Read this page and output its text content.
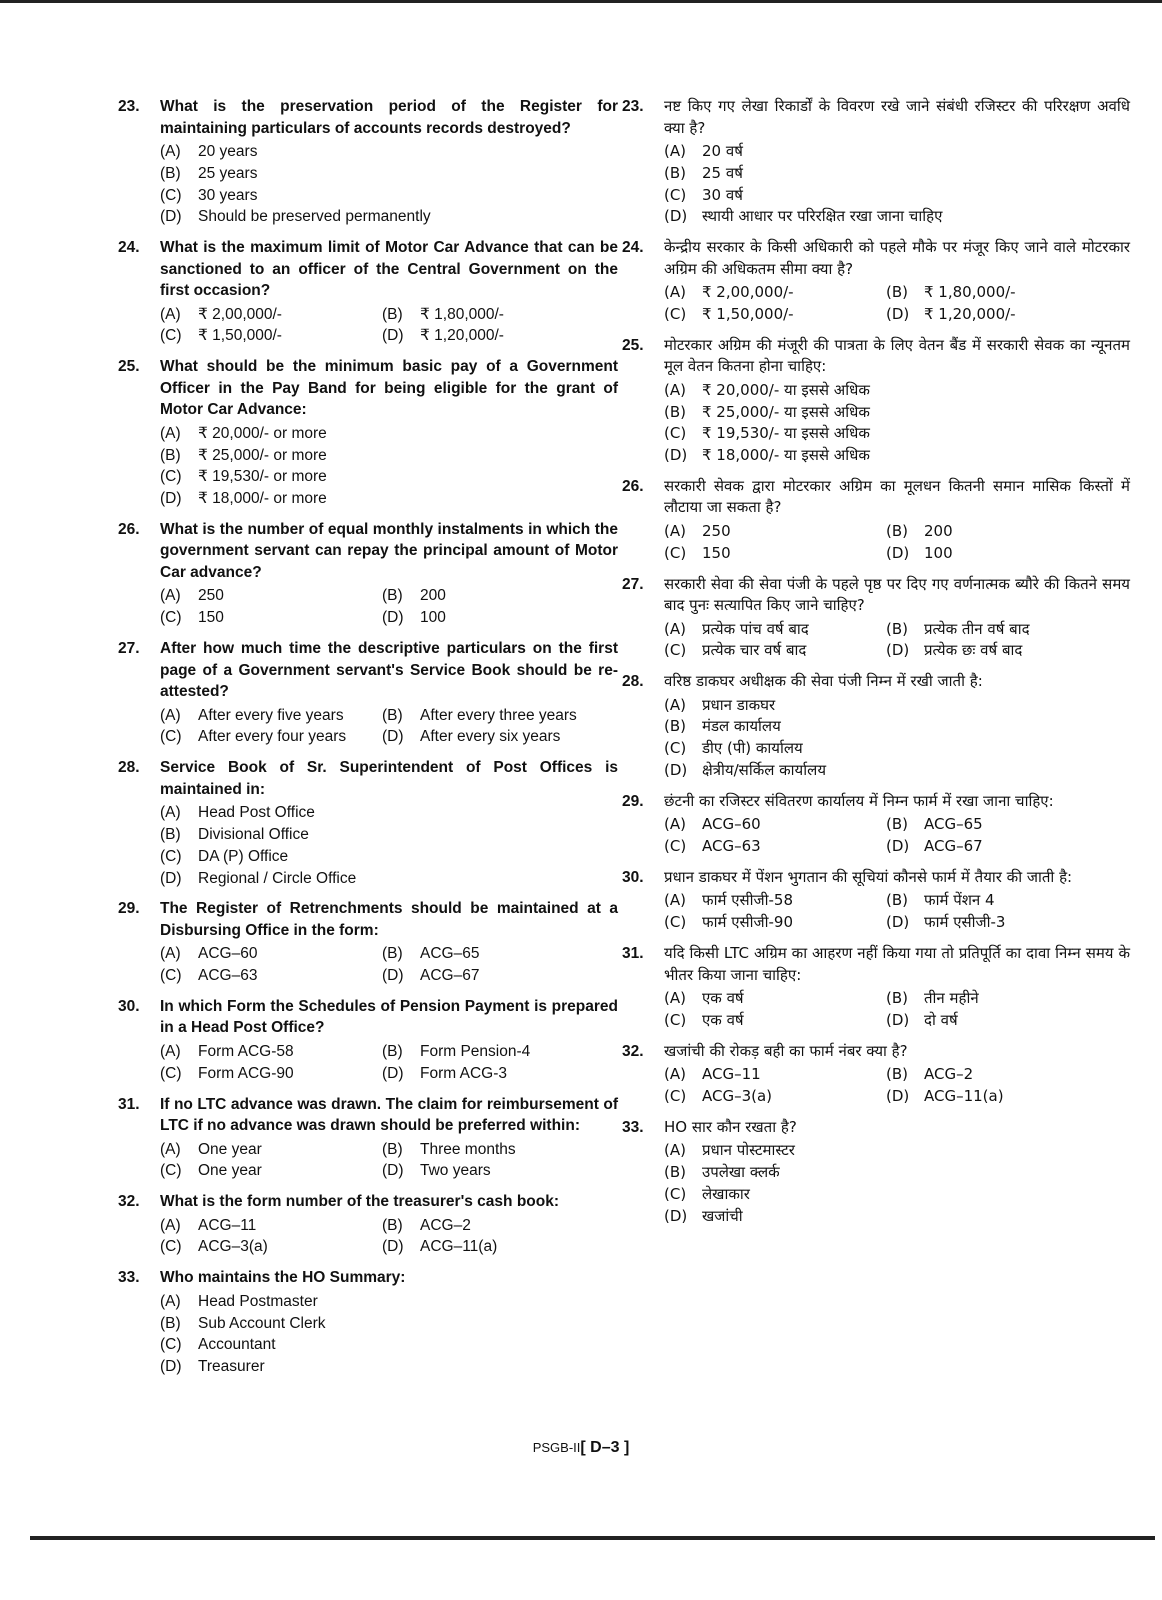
23. What is the preservation period of the Register for maintaining particulars of accounts records destroyed?
(A) 20 years
(B) 25 years
(C) 30 years
(D) Should be preserved permanently
24. What is the maximum limit of Motor Car Advance that can be sanctioned to an officer of the Central Government on the first occasion?
(A) ₹ 2,00,000/-	(B) ₹ 1,80,000/-
(C) ₹ 1,50,000/-	(D) ₹ 1,20,000/-
25. What should be the minimum basic pay of a Government Officer in the Pay Band for being eligible for the grant of Motor Car Advance:
(A) ₹ 20,000/- or more
(B) ₹ 25,000/- or more
(C) ₹ 19,530/- or more
(D) ₹ 18,000/- or more
26. What is the number of equal monthly instalments in which the government servant can repay the principal amount of Motor Car advance?
(A) 250	(B) 200
(C) 150	(D) 100
27. After how much time the descriptive particulars on the first page of a Government servant's Service Book should be re-attested?
(A) After every five years	(B) After every three years
(C) After every four years	(D) After every six years
28. Service Book of Sr. Superintendent of Post Offices is maintained in:
(A) Head Post Office
(B) Divisional Office
(C) DA (P) Office
(D) Regional / Circle Office
29. The Register of Retrenchments should be maintained at a Disbursing Office in the form:
(A) ACG–60	(B) ACG–65
(C) ACG–63	(D) ACG–67
30. In which Form the Schedules of Pension Payment is prepared in a Head Post Office?
(A) Form ACG-58	(B) Form Pension-4
(C) Form ACG-90	(D) Form ACG-3
31. If no LTC advance was drawn. The claim for reimbursement of LTC if no advance was drawn should be preferred within:
(A) One year	(B) Three months
(C) One year	(D) Two years
32. What is the form number of the treasurer's cash book:
(A) ACG–11	(B) ACG–2
(C) ACG–3(a)	(D) ACG–11(a)
33. Who maintains the HO Summary:
(A) Head Postmaster
(B) Sub Account Clerk
(C) Accountant
(D) Treasurer
23. नष्ट किए गए लेखा रिकार्डों के विवरण रखे जाने संबंधी रजिस्टर की परिरक्षण अवधि क्या है?
(A) 20 वर्ष
(B) 25 वर्ष
(C) 30 वर्ष
(D) स्थायी आधार पर परिरक्षित रखा जाना चाहिए
24. केन्द्रीय सरकार के किसी अधिकारी को पहले मौके पर मंजूर किए जाने वाले मोटरकार अग्रिम की अधिकतम सीमा क्या है?
(A) ₹ 2,00,000/-	(B) ₹ 1,80,000/-
(C) ₹ 1,50,000/-	(D) ₹ 1,20,000/-
25. मोटरकार अग्रिम की मंजूरी की पात्रता के लिए वेतन बैंड में सरकारी सेवक का न्यूनतम मूल वेतन कितना होना चाहिए:
(A) ₹ 20,000/- या इससे अधिक
(B) ₹ 25,000/- या इससे अधिक
(C) ₹ 19,530/- या इससे अधिक
(D) ₹ 18,000/- या इससे अधिक
26. सरकारी सेवक द्वारा मोटरकार अग्रिम का मूलधन कितनी समान मासिक किस्तों में लौटाया जा सकता है?
(A) 250	(B) 200
(C) 150	(D) 100
27. सरकारी सेवा की सेवा पंजी के पहले पृष्ठ पर दिए गए वर्णनात्मक ब्यौरे की कितने समय बाद पुनः सत्यापित किए जाने चाहिए?
(A) प्रत्येक पांच वर्ष बाद	(B) प्रत्येक तीन वर्ष बाद
(C) प्रत्येक चार वर्ष बाद	(D) प्रत्येक छः वर्ष बाद
28. वरिष्ठ डाकघर अधीक्षक की सेवा पंजी निम्न में रखी जाती है:
(A) प्रधान डाकघर
(B) मंडल कार्यालय
(C) डीए (पी) कार्यालय
(D) क्षेत्रीय/सर्किल कार्यालय
29. छंटनी का रजिस्टर संवितरण कार्यालय में निम्न फार्म में रखा जाना चाहिए:
(A) ACG–60	(B) ACG–65
(C) ACG–63	(D) ACG–67
30. प्रधान डाकघर में पेंशन भुगतान की सूचियां कौनसे फार्म में तैयार की जाती है:
(A) फार्म एसीजी-58	(B) फार्म पेंशन 4
(C) फार्म एसीजी-90	(D) फार्म एसीजी-3
31. यदि किसी LTC अग्रिम का आहरण नहीं किया गया तो प्रतिपूर्ति का दावा निम्न समय के भीतर किया जाना चाहिए:
(A) एक वर्ष	(B) तीन महीने
(C) एक वर्ष	(D) दो वर्ष
32. खजांची की रोकड़ बही का फार्म नंबर क्या है?
(A) ACG–11	(B) ACG–2
(C) ACG–3(a)	(D) ACG–11(a)
33. HO सार कौन रखता है?
(A) प्रधान पोस्टमास्टर
(B) उपलेखा क्लर्क
(C) लेखाकार
(D) खजांची
PSGB-II[ D–3 ]
